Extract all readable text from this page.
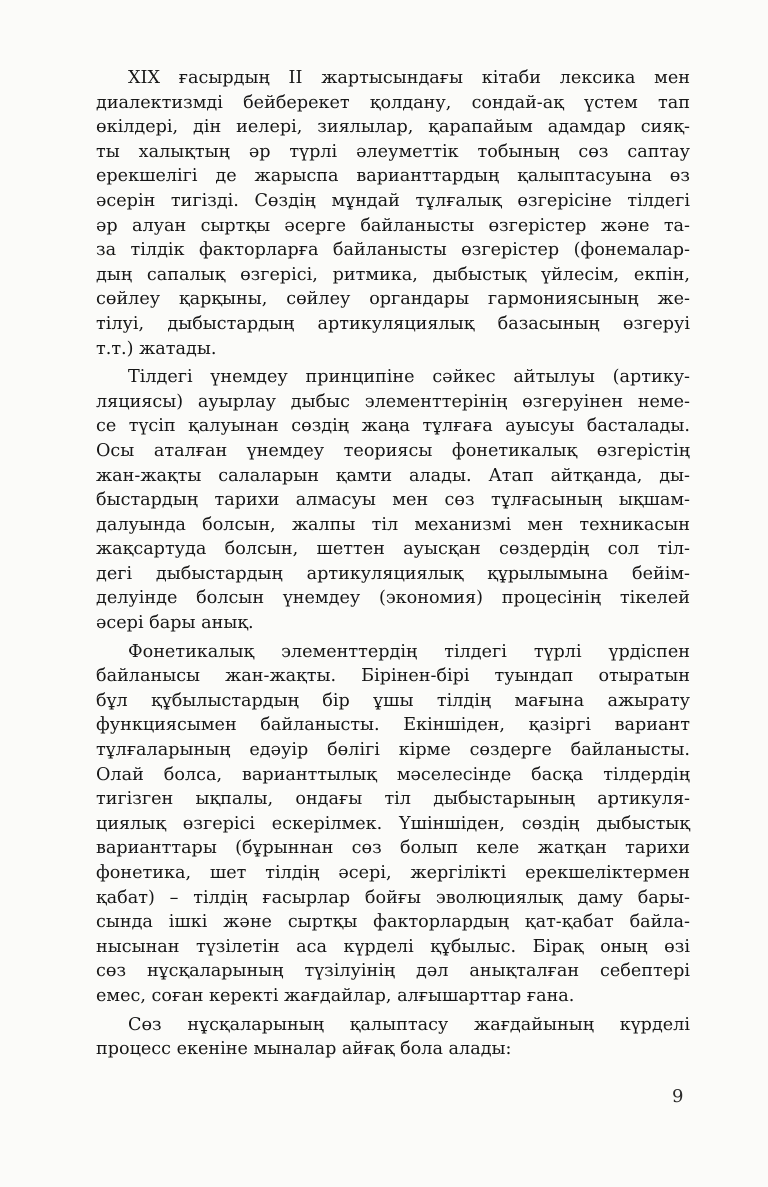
XIX ғасырдың II жартысындағы кітаби лексика мен
диалектизмді бейберекет қолдану, сондай-ақ үстем тап
өкілдері, дін иелері, зиялылар, қарапайым адамдар сияқ-
ты халықтың әр түрлі әлеуметтік тобының сөз саптау
ерекшелігі де жарыспа варианттардың қалыптасуына өз
әсерін тигізді. Сөздің мұндай тұлғалық өзгерісіне тілдегі
әр алуан сыртқы әсерге байланысты өзгерістер және та-
за тілдік факторларға байланысты өзгерістер (фонемалар-
дың сапалық өзгерісі, ритмика, дыбыстық үйлесім, екпін,
сөйлеу қарқыны, сөйлеу органдары гармониясының же-
тілуі, дыбыстардың артикуляциялық базасының өзгеруі
т.т.) жатады.
Тілдегі үнемдеу принципіне сәйкес айтылуы (артику-
ляциясы) ауырлау дыбыс элементтерінің өзгеруінен неме-
се түсіп қалуынан сөздің жаңа тұлғаға ауысуы басталады.
Осы аталған үнемдеу теориясы фонетикалық өзгерістің
жан-жақты салаларын қамти алады. Атап айтқанда, ды-
быстардың тарихи алмасуы мен сөз тұлғасының ықшам-
далуында болсын, жалпы тіл механизмі мен техникасын
жақсартуда болсын, шеттен ауысқан сөздердің сол тіл-
дегі дыбыстардың артикуляциялық құрылымына бейім-
делуінде болсын үнемдеу (экономия) процесінің тікелей
әсері бары анық.
Фонетикалық элементтердің тілдегі түрлі үрдіспен
байланысы жан-жақты. Бірінен-бірі туындап отыратын
бұл құбылыстардың бір ұшы тілдің мағына ажырату
функциясымен байланысты. Екіншіден, қазіргі вариант
тұлғаларының едәуір бөлігі кірме сөздерге байланысты.
Олай болса, варианттылық мәселесінде басқа тілдердің
тигізген ықпалы, ондағы тіл дыбыстарының артикуля-
циялық өзгерісі ескерілмек. Үшіншіден, сөздің дыбыстық
варианттары (бұрыннан сөз болып келе жатқан тарихи
фонетика, шет тілдің әсері, жергілікті ерекшеліктермен
қабат) – тілдің ғасырлар бойғы эволюциялық даму бары-
сында ішкі және сыртқы факторлардың қат-қабат байла-
нысынан түзілетін аса күрделі құбылыс. Бірақ оның өзі
сөз нұсқаларының түзілуінің дәл анықталған себептері
емес, соған керекті жағдайлар, алғышарттар ғана.
Сөз нұсқаларының қалыптасу жағдайының күрделі
процесс екеніне мыналар айғақ бола алады:
9
